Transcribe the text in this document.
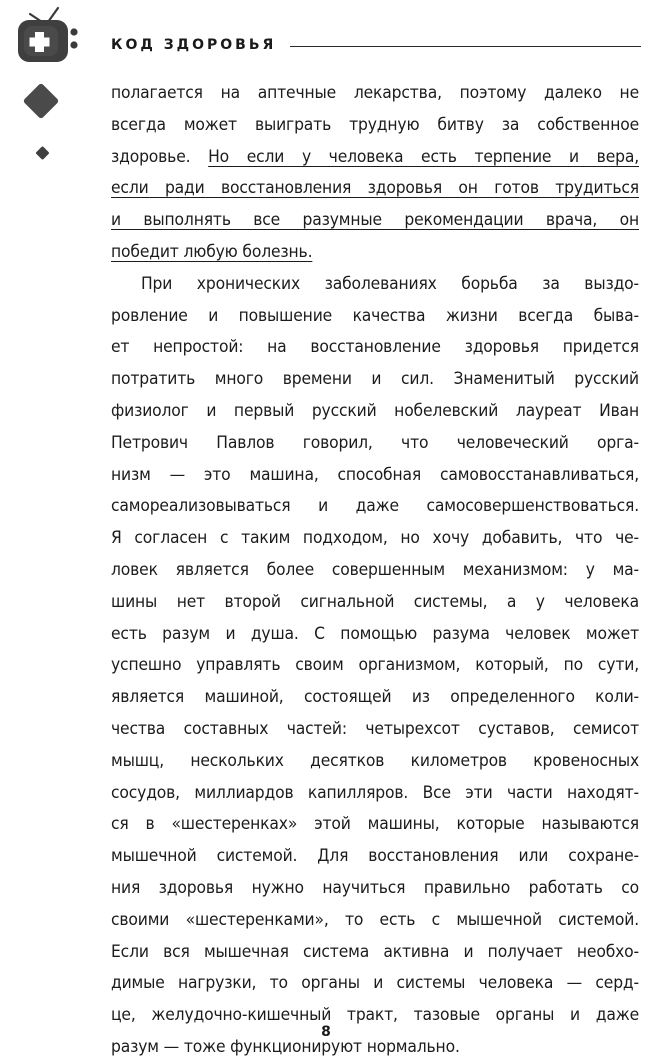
КОД ЗДОРОВЬЯ
полагается на аптечные лекарства, поэтому далеко не
всегда может выиграть трудную битву за собственное
здоровье. Но если у человека есть терпение и вера,
если ради восстановления здоровья он готов трудиться
и выполнять все разумные рекомендации врача, он
победит любую болезнь.
При хронических заболеваниях борьба за выздо-
ровление и повышение качества жизни всегда быва-
ет непростой: на восстановление здоровья придется
потратить много времени и сил. Знаменитый русский
физиолог и первый русский нобелевский лауреат Иван
Петрович Павлов говорил, что человеческий орга-
низм — это машина, способная самовосстанавливаться,
самореализовываться и даже самосовершенствоваться.
Я согласен с таким подходом, но хочу добавить, что че-
ловек является более совершенным механизмом: у ма-
шины нет второй сигнальной системы, а у человека
есть разум и душа. С помощью разума человек может
успешно управлять своим организмом, который, по сути,
является машиной, состоящей из определенного коли-
чества составных частей: четырехсот суставов, семисот
мышц, нескольких десятков километров кровеносных
сосудов, миллиардов капилляров. Все эти части находят-
ся в «шестеренках» этой машины, которые называются
мышечной системой. Для восстановления или сохране-
ния здоровья нужно научиться правильно работать со
своими «шестеренками», то есть с мышечной системой.
Если вся мышечная система активна и получает необхо-
димые нагрузки, то органы и системы человека — серд-
це, желудочно-кишечный тракт, тазовые органы и даже
разум — тоже функционируют нормально.
8
